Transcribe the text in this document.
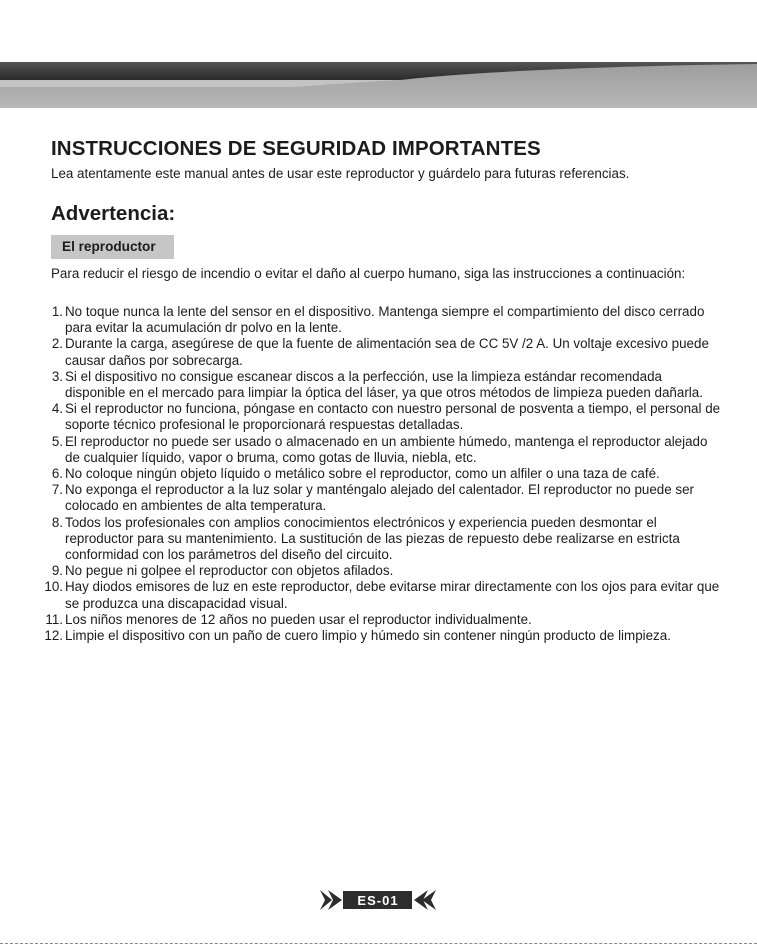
INSTRUCCIONES DE SEGURIDAD IMPORTANTES

Lea atentamente este manual antes de usar este reproductor y guárdelo para futuras referencias.

Advertencia:
El reproductor

Para reducir el riesgo de incendio o evitar el daño al cuerpo humano, siga las instrucciones a continuación:

1. No toque nunca la lente del sensor en el dispositivo. Mantenga siempre el compartimiento del disco cerrado para evitar la acumulación dr polvo en la lente.
2. Durante la carga, asegúrese de que la fuente de alimentación sea de CC 5V /2 A. Un voltaje excesivo puede causar daños por sobrecarga.
3. Si el dispositivo no consigue escanear discos a la perfección, use la limpieza estándar recomendada disponible en el mercado para limpiar la óptica del láser, ya que otros métodos de limpieza pueden dañarla.
4. Si el reproductor no funciona, póngase en contacto con nuestro personal de posventa a tiempo, el personal de soporte técnico profesional le proporcionará respuestas detalladas.
5. El reproductor no puede ser usado o almacenado en un ambiente húmedo, mantenga el reproductor alejado de cualquier líquido, vapor o bruma, como gotas de lluvia, niebla, etc.
6. No coloque ningún objeto líquido o metálico sobre el reproductor, como un alfiler o una taza de café.
7. No exponga el reproductor a la luz solar y manténgalo alejado del calentador. El reproductor no puede ser colocado en ambientes de alta temperatura.
8. Todos los profesionales con amplios conocimientos electrónicos y experiencia pueden desmontar el reproductor para su mantenimiento. La sustitución de las piezas de repuesto debe realizarse en estricta conformidad con los parámetros del diseño del circuito.
9. No pegue ni golpee el reproductor con objetos afilados.
10. Hay diodos emisores de luz en este reproductor, debe evitarse mirar directamente con los ojos para evitar que se produzca una discapacidad visual.
11. Los niños menores de 12 años no pueden usar el reproductor individualmente.
12. Limpie el dispositivo con un paño de cuero limpio y húmedo sin contener ningún producto de limpieza.
ES-01
